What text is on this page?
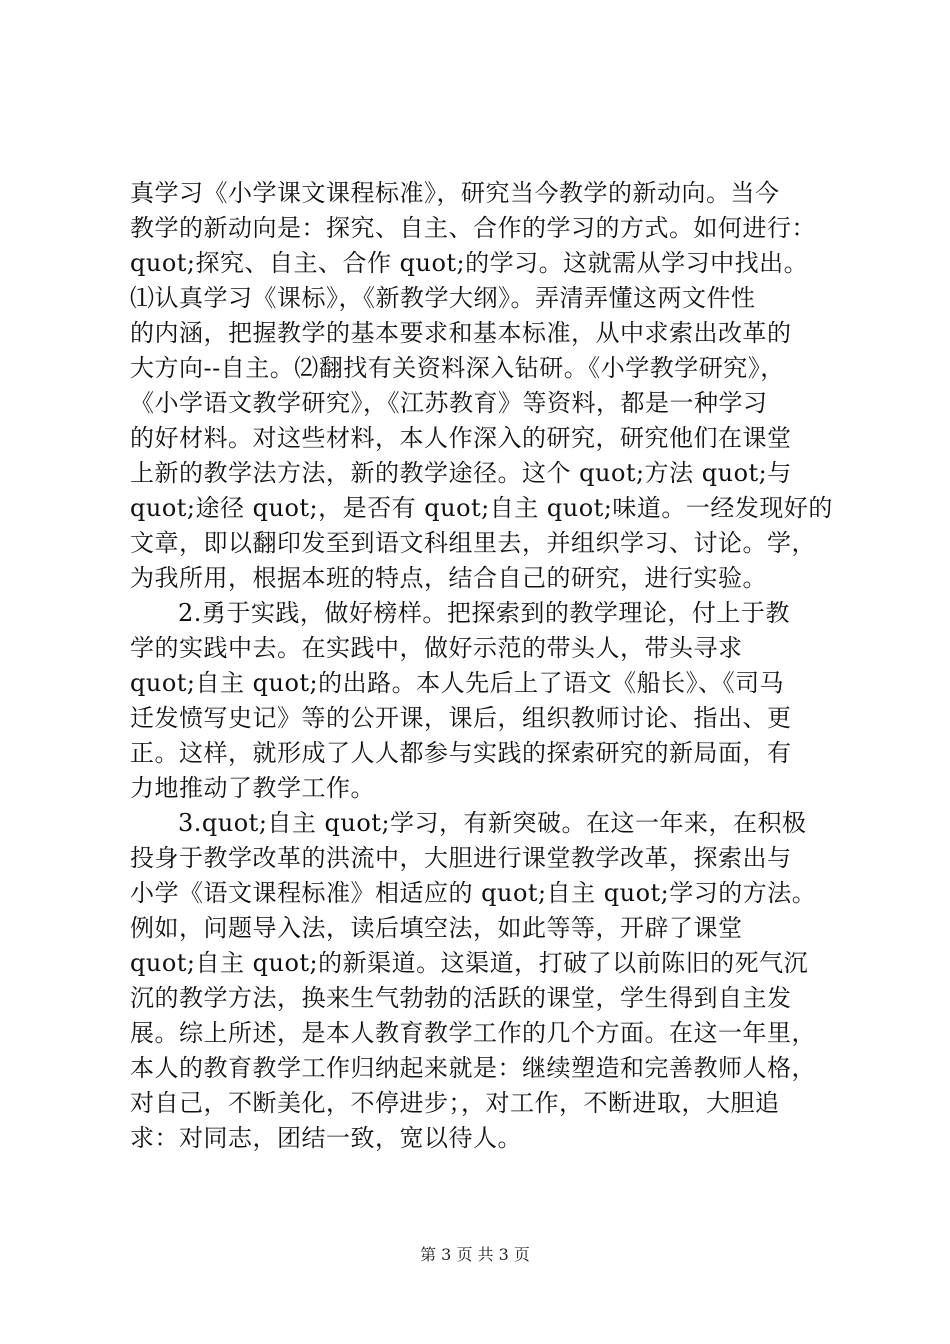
真学习《小学课文课程标准》，研究当今教学的新动向。当今
教学的新动向是：探究、自主、合作的学习的方式。如何进行：
quot;探究、自主、合作 quot;的学习。这就需从学习中找出。
⑴认真学习《课标》，《新教学大纲》。弄清弄懂这两文件性
的内涵，把握教学的基本要求和基本标准，从中求索出改革的
大方向--自主。⑵翻找有关资料深入钻研。《小学教学研究》，
《小学语文教学研究》，《江苏教育》等资料，都是一种学习
的好材料。对这些材料，本人作深入的研究，研究他们在课堂
上新的教学法方法，新的教学途径。这个 quot;方法 quot;与
quot;途径 quot;，是否有 quot;自主 quot;味道。一经发现好的
文章，即以翻印发至到语文科组里去，并组织学习、讨论。学，
为我所用，根据本班的特点，结合自己的研究，进行实验。
2.勇于实践，做好榜样。把探索到的教学理论，付上于教
学的实践中去。在实践中，做好示范的带头人，带头寻求
quot;自主 quot;的出路。本人先后上了语文《船长》、《司马
迁发愤写史记》等的公开课，课后，组织教师讨论、指出、更
正。这样，就形成了人人都参与实践的探索研究的新局面，有
力地推动了教学工作。
3.quot;自主 quot;学习，有新突破。在这一年来，在积极
投身于教学改革的洪流中，大胆进行课堂教学改革，探索出与
小学《语文课程标准》相适应的 quot;自主 quot;学习的方法。
例如，问题导入法，读后填空法，如此等等，开辟了课堂
quot;自主 quot;的新渠道。这渠道，打破了以前陈旧的死气沉
沉的教学方法，换来生气勃勃的活跃的课堂，学生得到自主发
展。综上所述，是本人教育教学工作的几个方面。在这一年里，
本人的教育教学工作归纳起来就是：继续塑造和完善教师人格，
对自己，不断美化，不停进步；，对工作，不断进取，大胆追
求：对同志，团结一致，宽以待人。
第 3 页 共 3 页
